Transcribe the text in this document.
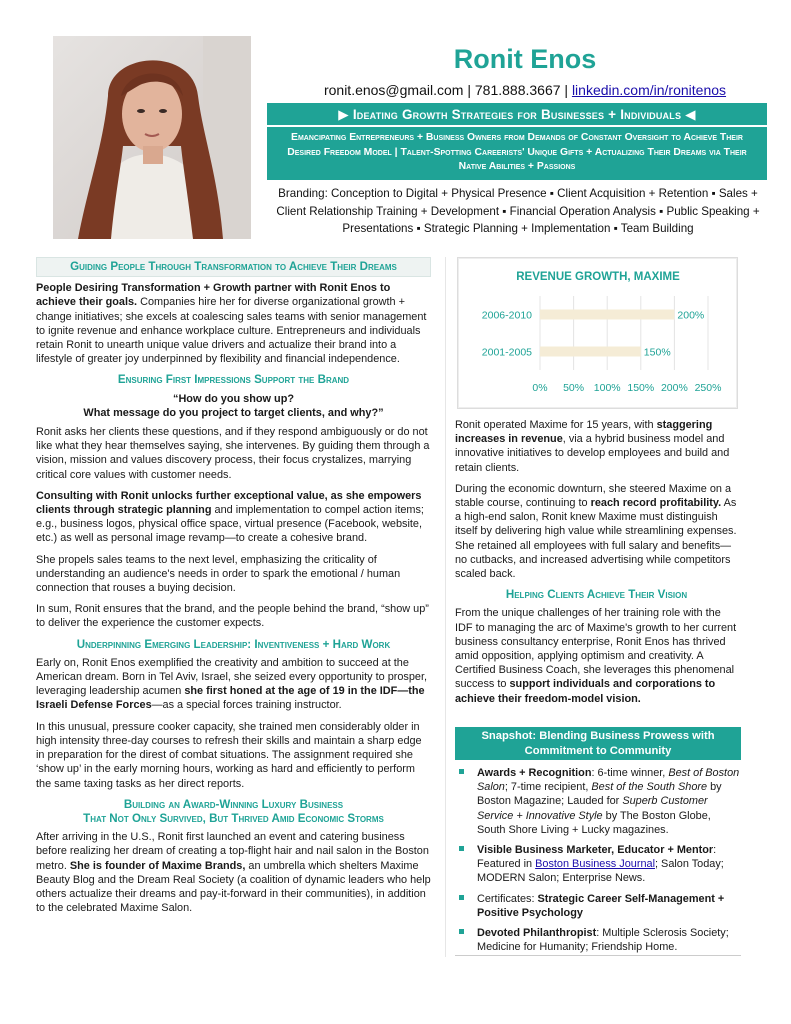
Ronit Enos
ronit.enos@gmail.com | 781.888.3667 | linkedin.com/in/ronitenos
▶ Ideating Growth Strategies for Businesses + Individuals ◀
Emancipating Entrepreneurs + Business Owners from Demands of Constant Oversight to Achieve Their Desired Freedom Model | Talent-Spotting Careerists' Unique Gifts + Actualizing Their Dreams via Their Native Abilities + Passions
Branding: Conception to Digital + Physical Presence ▪ Client Acquisition + Retention ▪ Sales + Client Relationship Training + Development ▪ Financial Operation Analysis ▪ Public Speaking + Presentations ▪ Strategic Planning + Implementation ▪ Team Building
Guiding People Through Transformation to Achieve Their Dreams

People Desiring Transformation + Growth partner with Ronit Enos to achieve their goals. Companies hire her for diverse organizational growth + change initiatives; she excels at coalescing sales teams with senior management to ignite revenue and enhance workplace culture. Entrepreneurs and individuals retain Ronit to unearth unique value drivers and actualize their brand into a lifestyle of greater joy underpinned by flexibility and financial independence.

Ensuring First Impressions Support the Brand
“How do you show up?
What message do you project to target clients, and why?”

Ronit asks her clients these questions, and if they respond ambiguously or do not like what they hear themselves saying, she intervenes. By guiding them through a vision, mission and values discovery process, their focus crystalizes, marrying critical core values with customer needs.

Consulting with Ronit unlocks further exceptional value, as she empowers clients through strategic planning and implementation to compel action items; e.g., business logos, physical office space, virtual presence (Facebook, website, etc.) as well as personal image revamp—to create a cohesive brand.

She propels sales teams to the next level, emphasizing the criticality of understanding an audience's needs in order to spark the emotional / human connection that rouses a buying decision.

In sum, Ronit ensures that the brand, and the people behind the brand, “show up” to deliver the experience the customer expects.

Underpinning Emerging Leadership: Inventiveness + Hard Work

Early on, Ronit Enos exemplified the creativity and ambition to succeed at the American dream. Born in Tel Aviv, Israel, she seized every opportunity to prosper, leveraging leadership acumen she first honed at the age of 19 in the IDF—the Israeli Defense Forces—as a special forces training instructor.

In this unusual, pressure cooker capacity, she trained men considerably older in high intensity three-day courses to refresh their skills and maintain a sharp edge in preparation for the direst of combat situations. The assignment required she ‘show up’ in the early morning hours, working as hard and efficiently to perform the same taxing tasks as her direct reports.

Building an Award-Winning Luxury Business
That Not Only Survived, But Thrived Amid Economic Storms

After arriving in the U.S., Ronit first launched an event and catering business before realizing her dream of creating a top-flight hair and nail salon in the Boston metro. She is founder of Maxime Brands, an umbrella which shelters Maxime Beauty Blog and the Dream Real Society (a coalition of dynamic leaders who help others actualize their dreams and pay-it-forward in their communities), in addition to the celebrated Maxime Salon.

REVENUE GROWTH, MAXIME
0% 50% 100% 150% 200% 250%
2006-2010	200%
2001-2005	150%

Ronit operated Maxime for 15 years, with staggering increases in revenue, via a hybrid business model and innovative initiatives to develop employees and build and retain clients.

During the economic downturn, she steered Maxime on a stable course, continuing to reach record profitability. As a high-end salon, Ronit knew Maxime must distinguish itself by delivering high value while streamlining expenses. She retained all employees with full salary and benefits—no cutbacks, and increased advertising while competitors scaled back.

Helping Clients Achieve Their Vision

From the unique challenges of her training role with the IDF to managing the arc of Maxime's growth to her current business consultancy enterprise, Ronit Enos has thrived amid opposition, applying optimism and creativity. A Certified Business Coach, she leverages this phenomenal success to support individuals and corporations to achieve their freedom-model vision.

Snapshot: Blending Business Prowess with Commitment to Community
Awards + Recognition: 6-time winner, Best of Boston Salon; 7-time recipient, Best of the South Shore by Boston Magazine; Lauded for Superb Customer Service + Innovative Style by The Boston Globe, South Shore Living + Lucky magazines.
Visible Business Marketer, Educator + Mentor: Featured in Boston Business Journal; Salon Today; MODERN Salon; Enterprise News.
Certificates: Strategic Career Self-Management + Positive Psychology
Devoted Philanthropist: Multiple Sclerosis Society; Medicine for Humanity; Friendship Home.
